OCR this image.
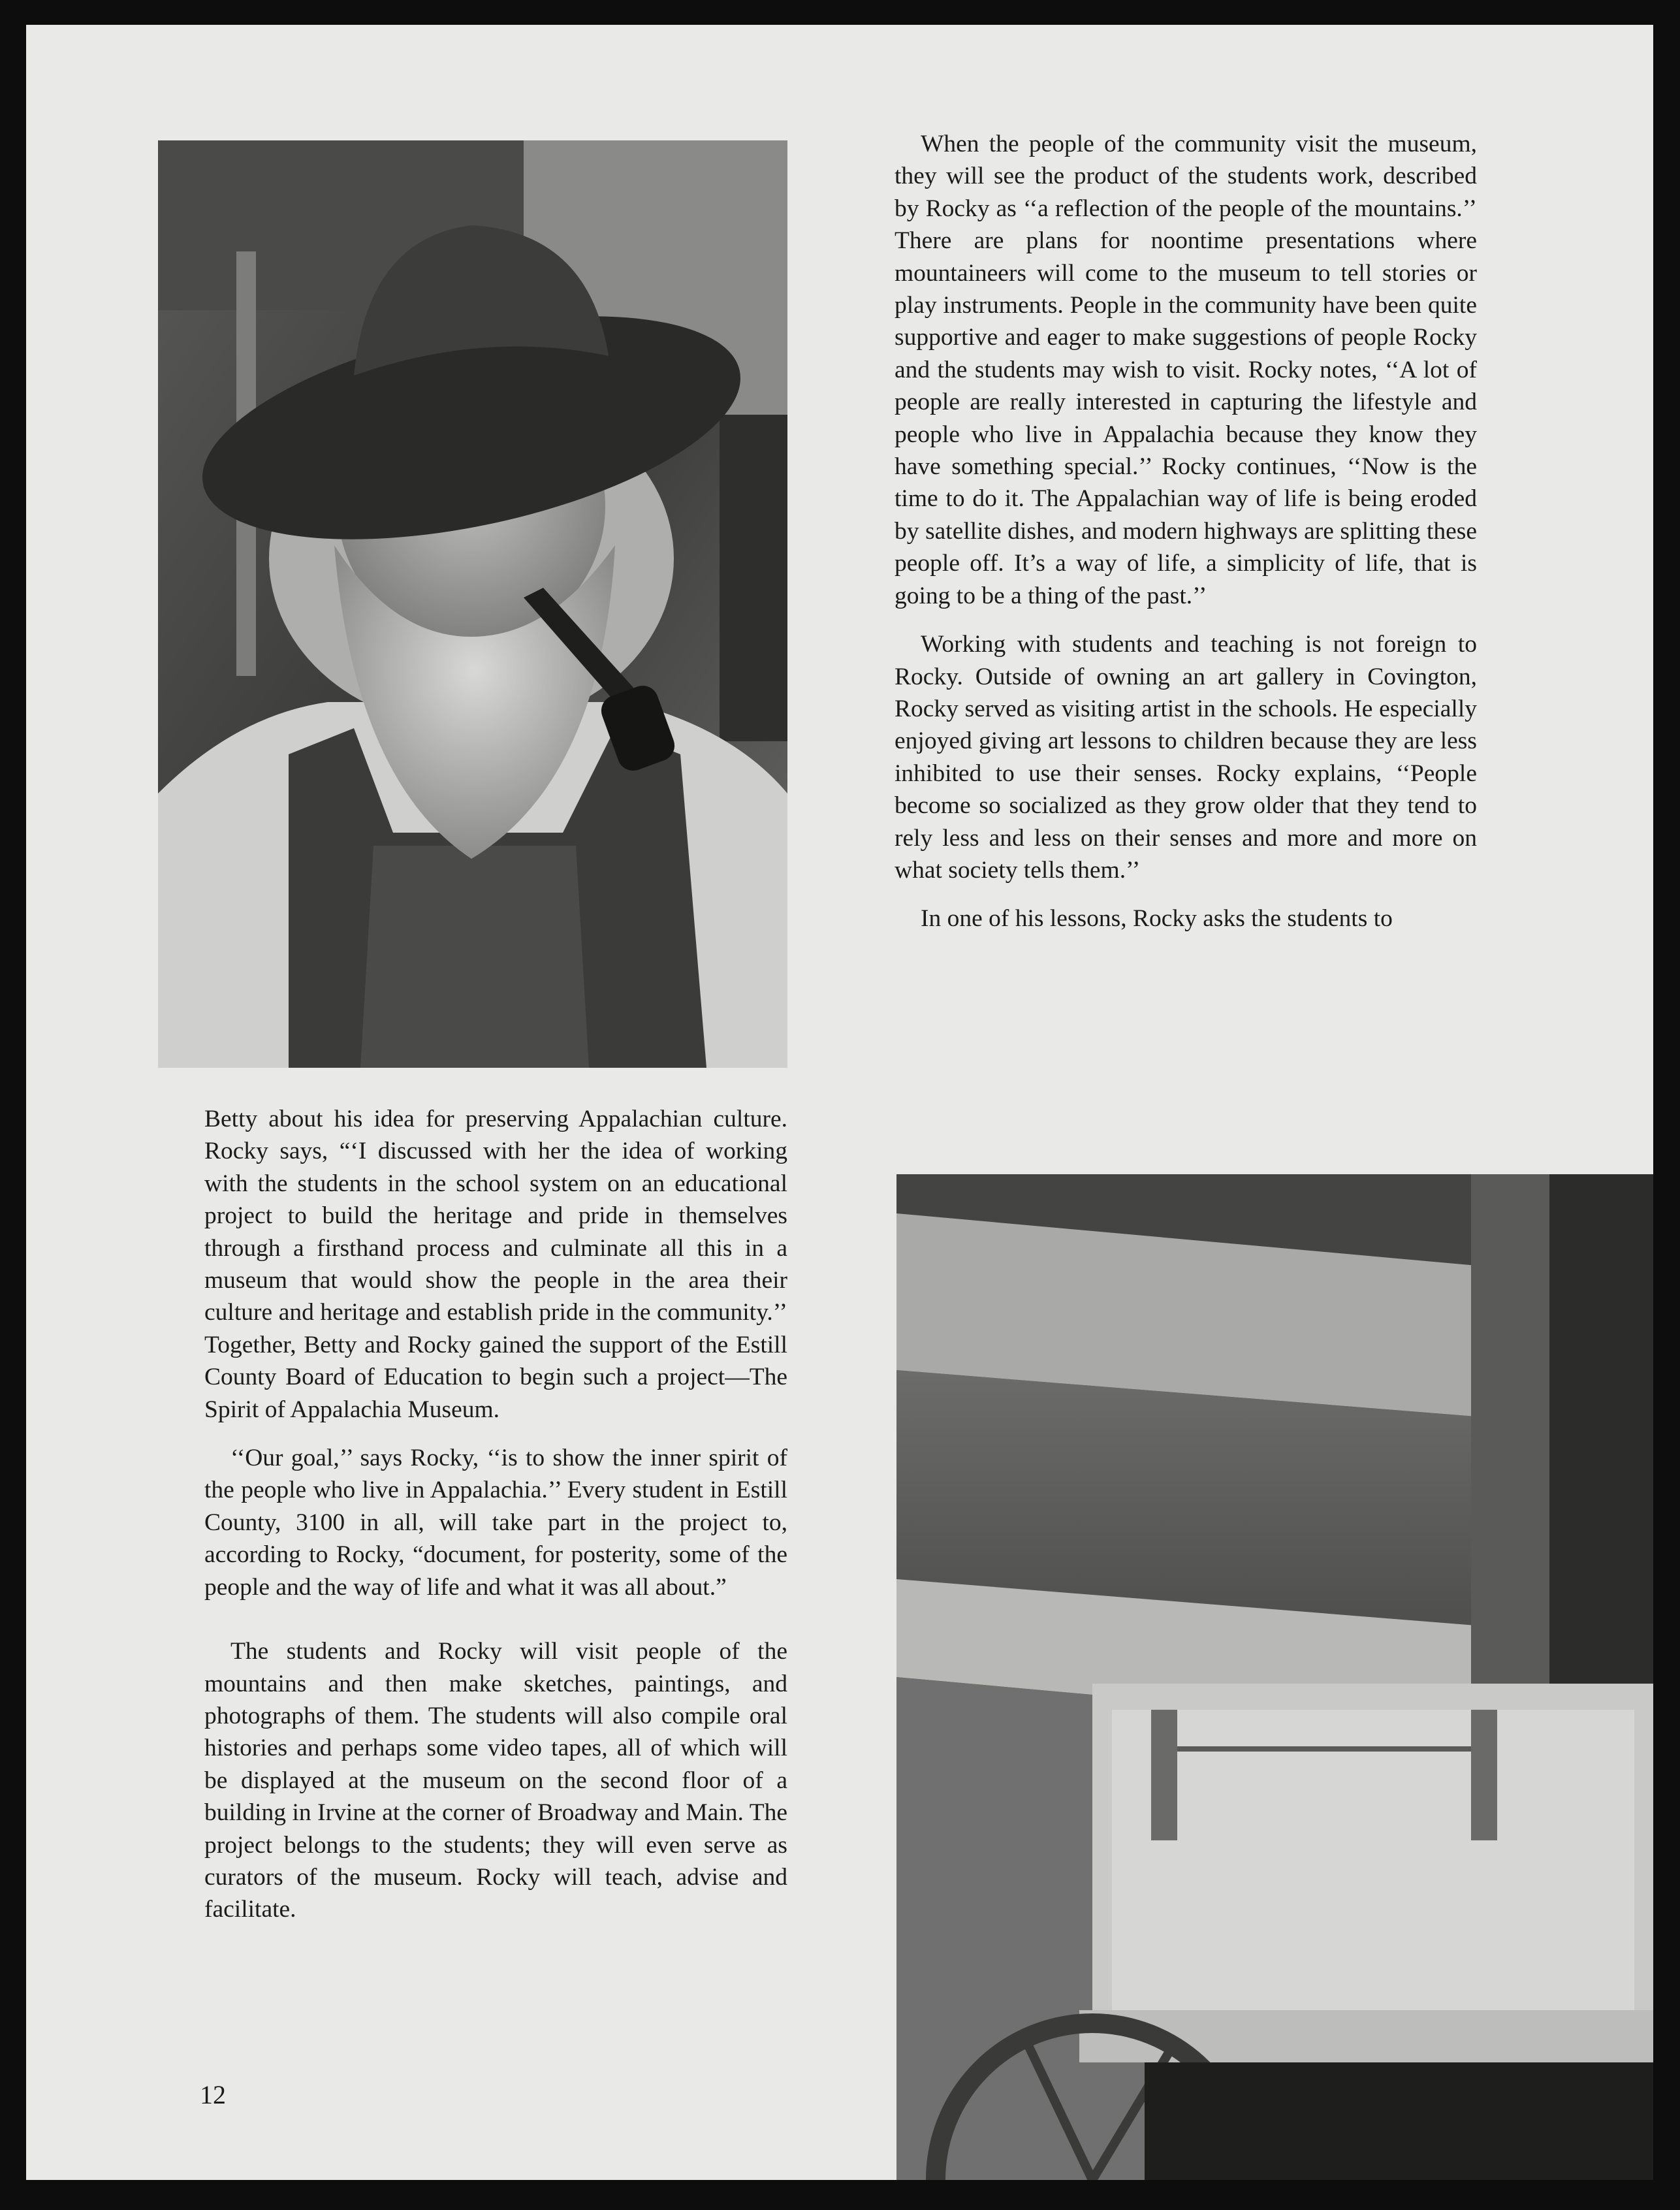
When the people of the community visit the museum, they will see the product of the students work, described by Rocky as ‘‘a reflection of the people of the mountains.’’ There are plans for noontime presentations where mountaineers will come to the museum to tell stories or play instruments. People in the community have been quite supportive and eager to make suggestions of people Rocky and the students may wish to visit. Rocky notes, ‘‘A lot of people are really interested in capturing the lifestyle and people who live in Appalachia because they know they have something special.’’ Rocky continues, ‘‘Now is the time to do it. The Appalachian way of life is being eroded by satellite dishes, and modern highways are splitting these people off. It’s a way of life, a simplicity of life, that is going to be a thing of the past.’’

Working with students and teaching is not foreign to Rocky. Outside of owning an art gallery in Covington, Rocky served as visiting artist in the schools. He especially enjoyed giving art lessons to children because they are less inhibited to use their senses. Rocky explains, ‘‘People become so socialized as they grow older that they tend to rely less and less on their senses and more and more on what society tells them.’’

In one of his lessons, Rocky asks the students to

Betty about his idea for preserving Appalachian culture. Rocky says, “‘I discussed with her the idea of working with the students in the school system on an educational project to build the heritage and pride in themselves through a firsthand process and culminate all this in a museum that would show the people in the area their culture and heritage and establish pride in the community.’’ Together, Betty and Rocky gained the support of the Estill County Board of Education to begin such a project—The Spirit of Appalachia Museum.

‘‘Our goal,’’ says Rocky, ‘‘is to show the inner spirit of the people who live in Appalachia.’’ Every student in Estill County, 3100 in all, will take part in the project to, according to Rocky, “document, for posterity, some of the people and the way of life and what it was all about.”

The students and Rocky will visit people of the mountains and then make sketches, paintings, and photographs of them. The students will also compile oral histories and perhaps some video tapes, all of which will be displayed at the museum on the second floor of a building in Irvine at the corner of Broadway and Main. The project belongs to the students; they will even serve as curators of the museum. Rocky will teach, advise and facilitate.

12
